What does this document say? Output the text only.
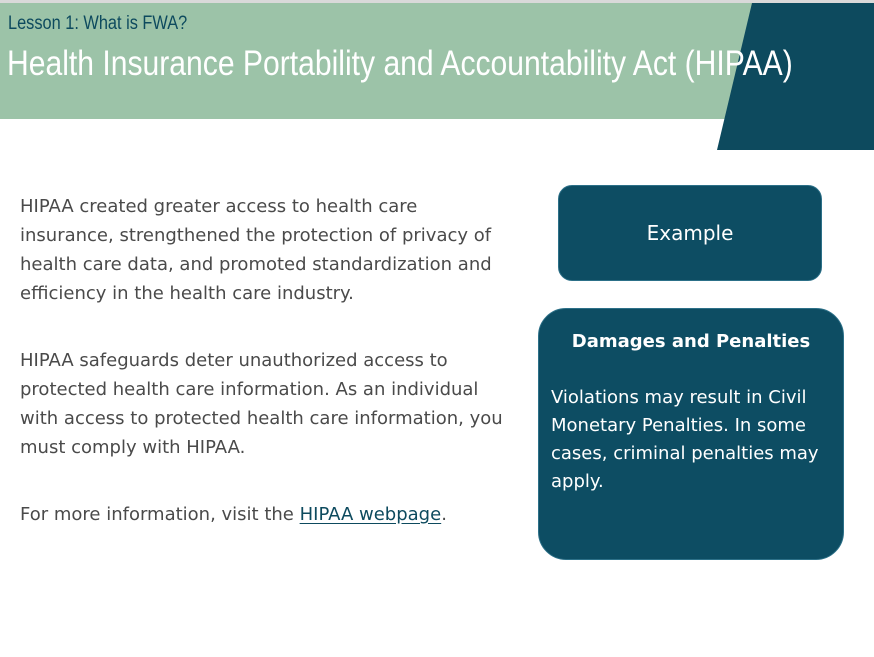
Lesson 1: What is FWA?
Health Insurance Portability and Accountability Act (HIPAA)
HIPAA created greater access to health care insurance, strengthened the protection of privacy of health care data, and promoted standardization and efficiency in the health care industry.
HIPAA safeguards deter unauthorized access to protected health care information. As an individual with access to protected health care information, you must comply with HIPAA.
For more information, visit the HIPAA webpage.
Example
Damages and Penalties
Violations may result in Civil Monetary Penalties. In some cases, criminal penalties may apply.
